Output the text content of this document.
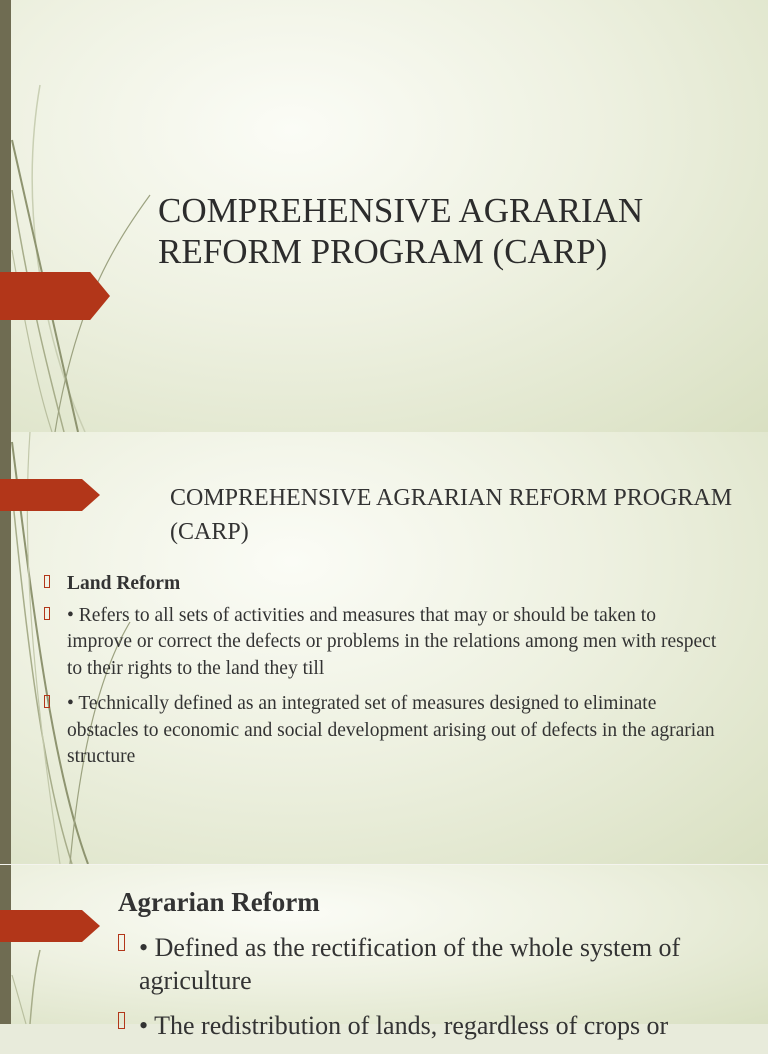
COMPREHENSIVE AGRARIAN REFORM PROGRAM (CARP)
COMPREHENSIVE AGRARIAN REFORM PROGRAM (CARP)
Land Reform
• Refers to all sets of activities and measures that may or should be taken to improve or correct the defects or problems in the relations among men with respect to their rights to the land they till
• Technically defined as an integrated set of measures designed to eliminate obstacles to economic and social development arising out of defects in the agrarian structure
Agrarian Reform
• Defined as the rectification of the whole system of agriculture
• The redistribution of lands, regardless of crops or
